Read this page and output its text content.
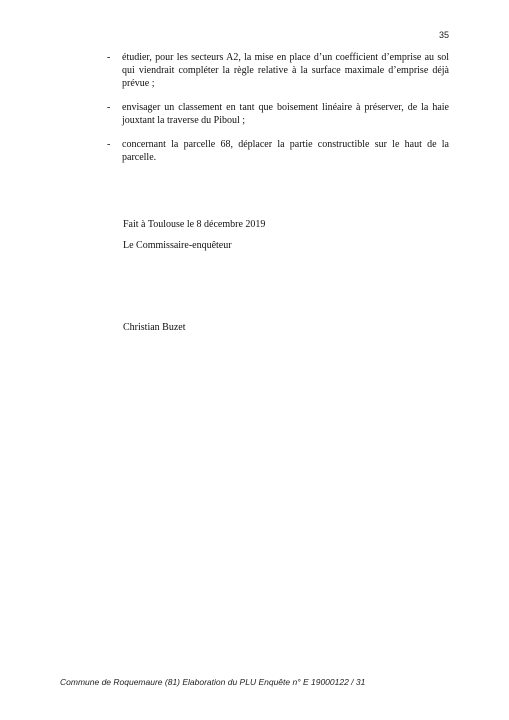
35
- étudier, pour les secteurs A2, la mise en place d’un coefficient d’emprise au sol qui viendrait compléter la règle relative à la surface maximale d’emprise déjà prévue ;
- envisager un classement en tant que boisement linéaire à préserver, de la haie jouxtant la traverse du Piboul ;
- concernant la parcelle 68, déplacer la partie constructible sur le haut de la parcelle.
Fait à Toulouse le 8 décembre 2019
Le Commissaire-enquêteur
Christian Buzet
Commune de Roquemaure (81) Elaboration du PLU Enquête n° E 19000122 / 31
